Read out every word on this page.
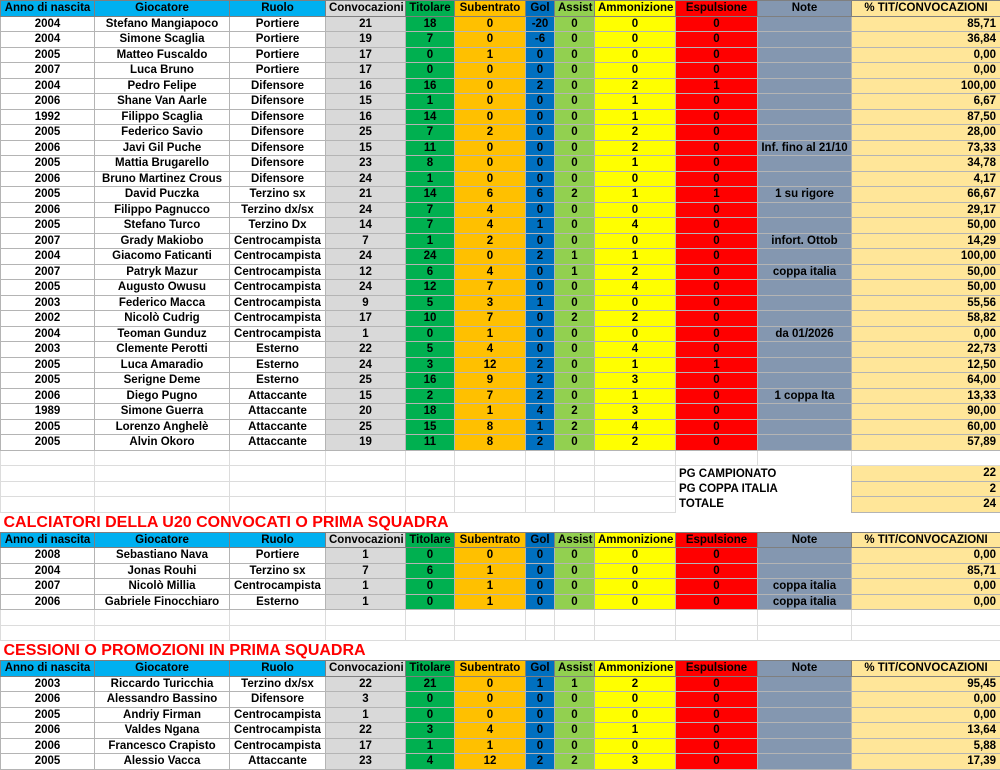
Anno di nascita	Giocatore	Ruolo	Convocazioni	Titolare	Subentrato	Gol	Assist	Ammonizione	Espulsione	Note	% TIT/CONVOCAZIONI
2004	Stefano Mangiapoco	Portiere	21	18	0	-20	0	0	0		85,71
2004	Simone Scaglia	Portiere	19	7	0	-6	0	0	0		36,84
2005	Matteo Fuscaldo	Portiere	17	0	1	0	0	0	0		0,00
2007	Luca Bruno	Portiere	17	0	0	0	0	0	0		0,00
2004	Pedro Felipe	Difensore	16	16	0	2	0	2	1		100,00
2006	Shane Van Aarle	Difensore	15	1	0	0	0	1	0		6,67
1992	Filippo Scaglia	Difensore	16	14	0	0	0	1	0		87,50
2005	Federico Savio	Difensore	25	7	2	0	0	2	0		28,00
2006	Javi Gil Puche	Difensore	15	11	0	0	0	2	0	Inf. fino al 21/10	73,33
2005	Mattia Brugarello	Difensore	23	8	0	0	0	1	0		34,78
2006	Bruno Martinez Crous	Difensore	24	1	0	0	0	0	0		4,17
2005	David Puczka	Terzino sx	21	14	6	6	2	1	1	1 su rigore	66,67
2006	Filippo Pagnucco	Terzino dx/sx	24	7	4	0	0	0	0		29,17
2005	Stefano Turco	Terzino Dx	14	7	4	1	0	4	0		50,00
2007	Grady Makiobo	Centrocampista	7	1	2	0	0	0	0	infort. Ottob	14,29
2004	Giacomo Faticanti	Centrocampista	24	24	0	2	1	1	0		100,00
2007	Patryk Mazur	Centrocampista	12	6	4	0	1	2	0	coppa italia	50,00
2005	Augusto Owusu	Centrocampista	24	12	7	0	0	4	0		50,00
2003	Federico Macca	Centrocampista	9	5	3	1	0	0	0		55,56
2002	Nicolò Cudrig	Centrocampista	17	10	7	0	2	2	0		58,82
2004	Teoman Gunduz	Centrocampista	1	0	1	0	0	0	0	da 01/2026	0,00
2003	Clemente Perotti	Esterno	22	5	4	0	0	4	0		22,73
2005	Luca Amaradio	Esterno	24	3	12	2	0	1	1		12,50
2005	Serigne Deme	Esterno	25	16	9	2	0	3	0		64,00
2006	Diego Pugno	Attaccante	15	2	7	2	0	1	0	1 coppa Ita	13,33
1989	Simone Guerra	Attaccante	20	18	1	4	2	3	0		90,00
2005	Lorenzo Anghelè	Attaccante	25	15	8	1	2	4	0		60,00
2005	Alvin Okoro	Attaccante	19	11	8	2	0	2	0		57,89

									PG CAMPIONATO		22
									PG COPPA ITALIA		2
									TOTALE		24
CALCIATORI DELLA U20 CONVOCATI O PRIMA SQUADRA											
Anno di nascita	Giocatore	Ruolo	Convocazioni	Titolare	Subentrato	Gol	Assist	Ammonizione	Espulsione	Note	% TIT/CONVOCAZIONI
2008	Sebastiano Nava	Portiere	1	0	0	0	0	0	0		0,00
2004	Jonas Rouhi	Terzino sx	7	6	1	0	0	0	0		85,71
2007	Nicolò Millia	Centrocampista	1	0	1	0	0	0	0	coppa italia	0,00
2006	Gabriele Finocchiaro	Esterno	1	0	1	0	0	0	0	coppa italia	0,00

CESSIONI O PROMOZIONI IN PRIMA SQUADRA											
Anno di nascita	Giocatore	Ruolo	Convocazioni	Titolare	Subentrato	Gol	Assist	Ammonizione	Espulsione	Note	% TIT/CONVOCAZIONI
2003	Riccardo Turicchia	Terzino dx/sx	22	21	0	1	1	2	0		95,45
2006	Alessandro Bassino	Difensore	3	0	0	0	0	0	0		0,00
2005	Andriy Firman	Centrocampista	1	0	0	0	0	0	0		0,00
2006	Valdes Ngana	Centrocampista	22	3	4	0	0	1	0		13,64
2006	Francesco Crapisto	Centrocampista	17	1	1	0	0	0	0		5,88
2005	Alessio Vacca	Attaccante	23	4	12	2	2	3	0		17,39
